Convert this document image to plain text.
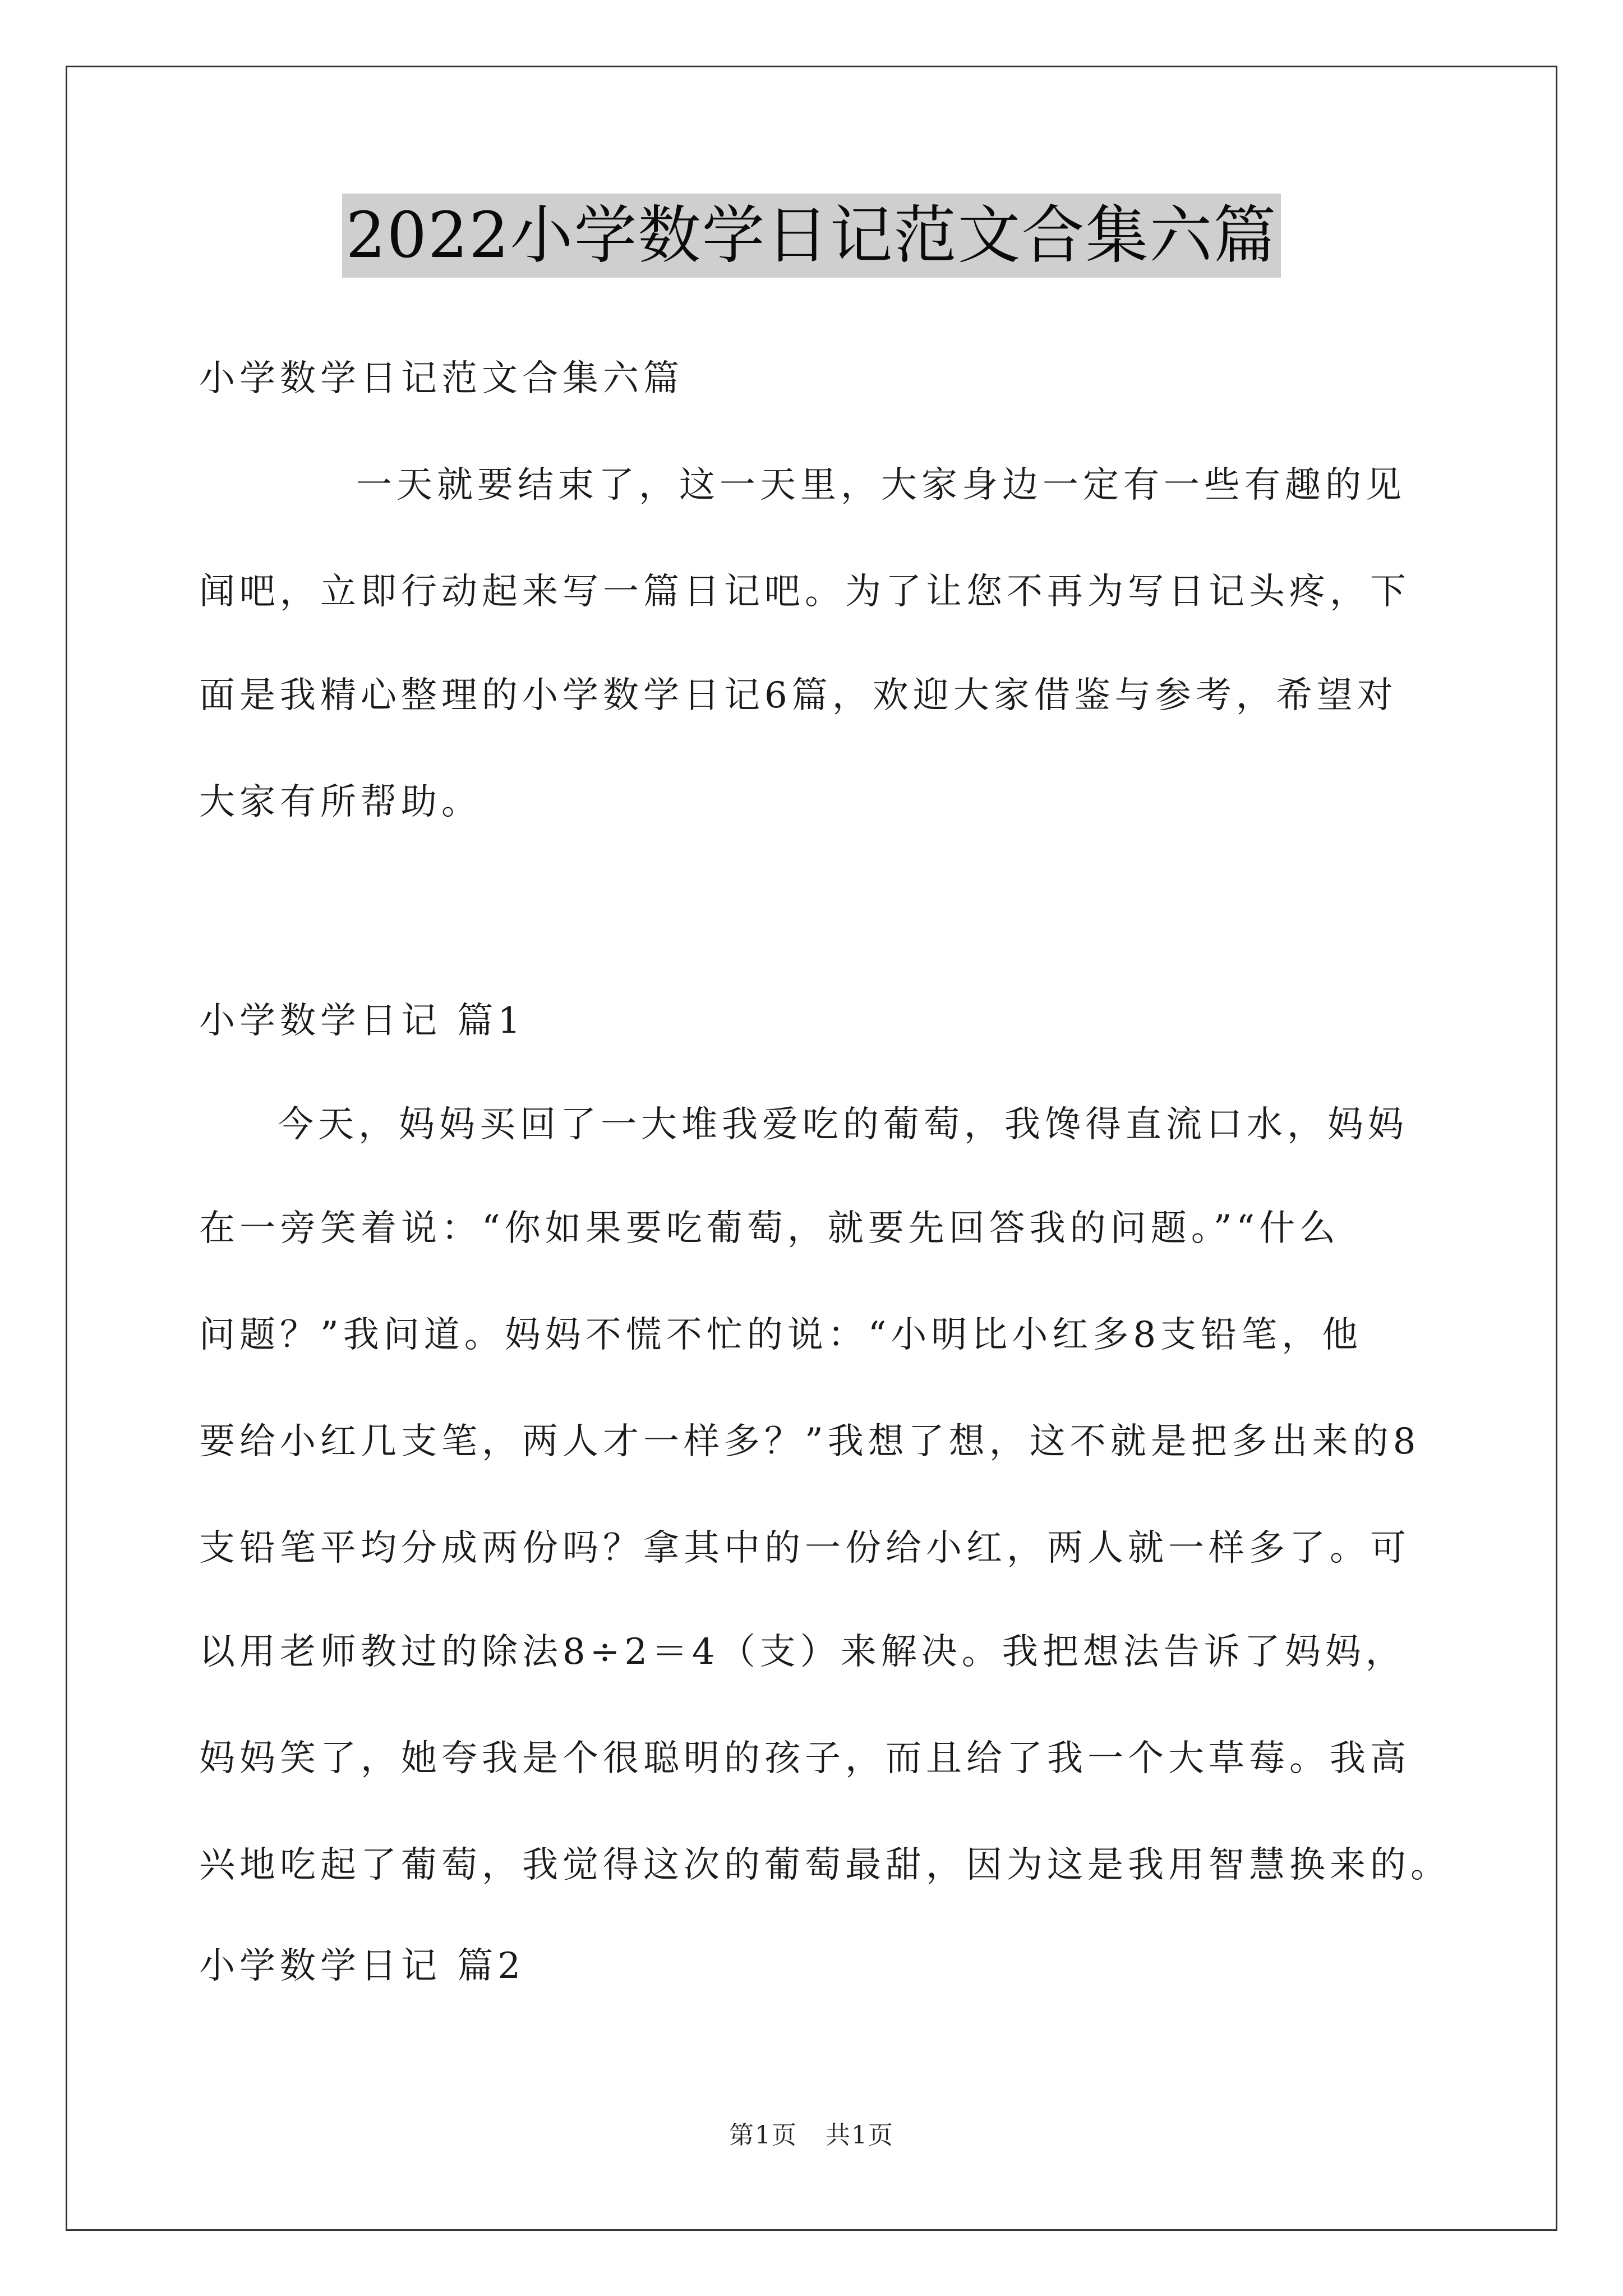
2022小学数学日记范文合集六篇
小学数学日记范文合集六篇
一天就要结束了，这一天里，大家身边一定有一些有趣的见
闻吧，立即行动起来写一篇日记吧。为了让您不再为写日记头疼，下
面是我精心整理的小学数学日记6篇，欢迎大家借鉴与参考，希望对
大家有所帮助。
小学数学日记 篇1
今天，妈妈买回了一大堆我爱吃的葡萄，我馋得直流口水，妈妈
在一旁笑着说：“你如果要吃葡萄，就要先回答我的问题。”“什么
问题？”我问道。妈妈不慌不忙的说：“小明比小红多8支铅笔，他
要给小红几支笔，两人才一样多？”我想了想，这不就是把多出来的8
支铅笔平均分成两份吗？拿其中的一份给小红，两人就一样多了。可
以用老师教过的除法8÷2＝4（支）来解决。我把想法告诉了妈妈，
妈妈笑了，她夸我是个很聪明的孩子，而且给了我一个大草莓。我高
兴地吃起了葡萄，我觉得这次的葡萄最甜，因为这是我用智慧换来的。
小学数学日记 篇2
第1页 共1页
